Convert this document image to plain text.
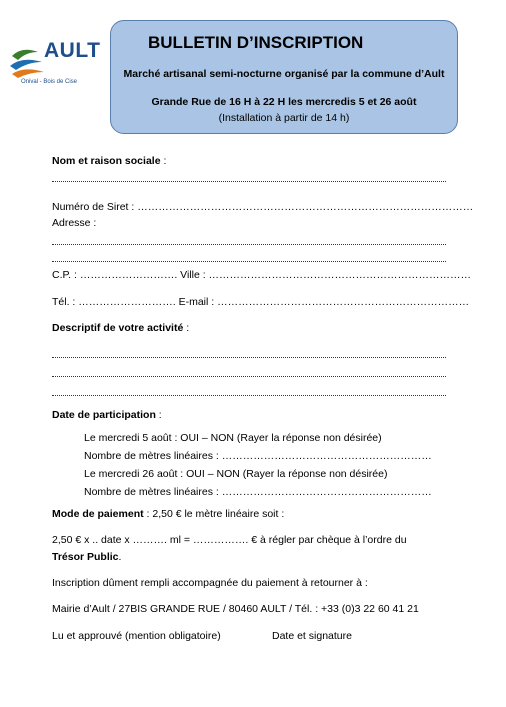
AULT
Onival - Bois de Cise
BULLETIN D’INSCRIPTION
Marché artisanal semi-nocturne organisé par la commune d’Ault
Grande Rue de 16 H à 22 H les mercredis 5 et 26 août
(Installation à partir de 14 h)
Nom et raison sociale :
Numéro de Siret : ……………………………………………………………………………………
Adresse :
C.P. : ………………………. Ville : …………………………………………………………………
Tél. : ………………………. E-mail : ………………………………………………………………
Descriptif de votre activité :
Date de participation :
Le mercredi 5 août : OUI – NON (Rayer la réponse non désirée)
Nombre de mètres linéaires : ……………………………………………………
Le mercredi 26 août : OUI – NON (Rayer la réponse non désirée)
Nombre de mètres linéaires : ……………………………………………………
Mode de paiement : 2,50 € le mètre linéaire soit :
2,50 € x .. date x ………. ml = ……………. € à régler par chèque à l’ordre du
Trésor Public.
Inscription dûment rempli accompagnée du paiement à retourner à :
Mairie d’Ault / 27BIS GRANDE RUE / 80460 AULT / Tél. : +33 (0)3 22 60 41 21
Lu et approuvé (mention obligatoire)	Date et signature
